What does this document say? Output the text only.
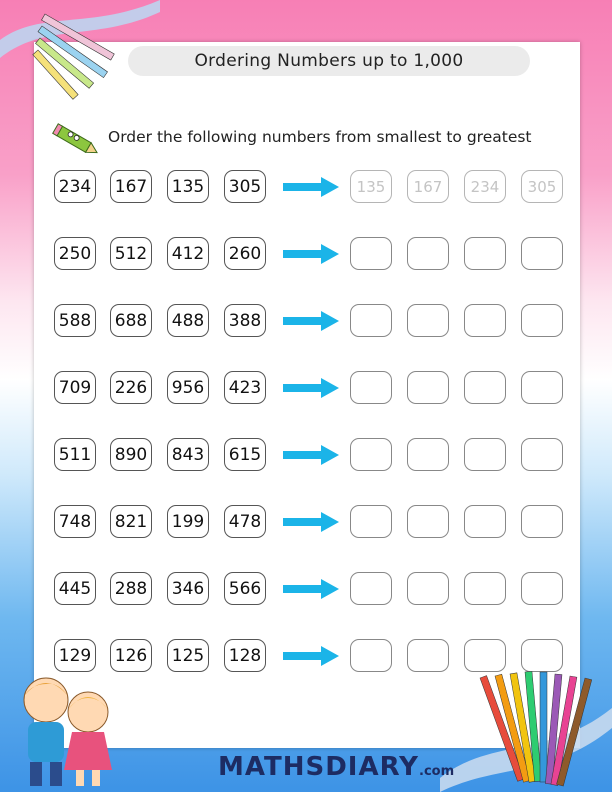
Ordering Numbers up to 1,000
Order the following numbers from smallest to greatest
234 167 135 305	135	167	234	305
250 512 412 260
588 688 488 388
709 226 956 423
511 890 843 615
748 821 199 478
445 288 346 566
129 126 125 128
MATHSDIARY.com
